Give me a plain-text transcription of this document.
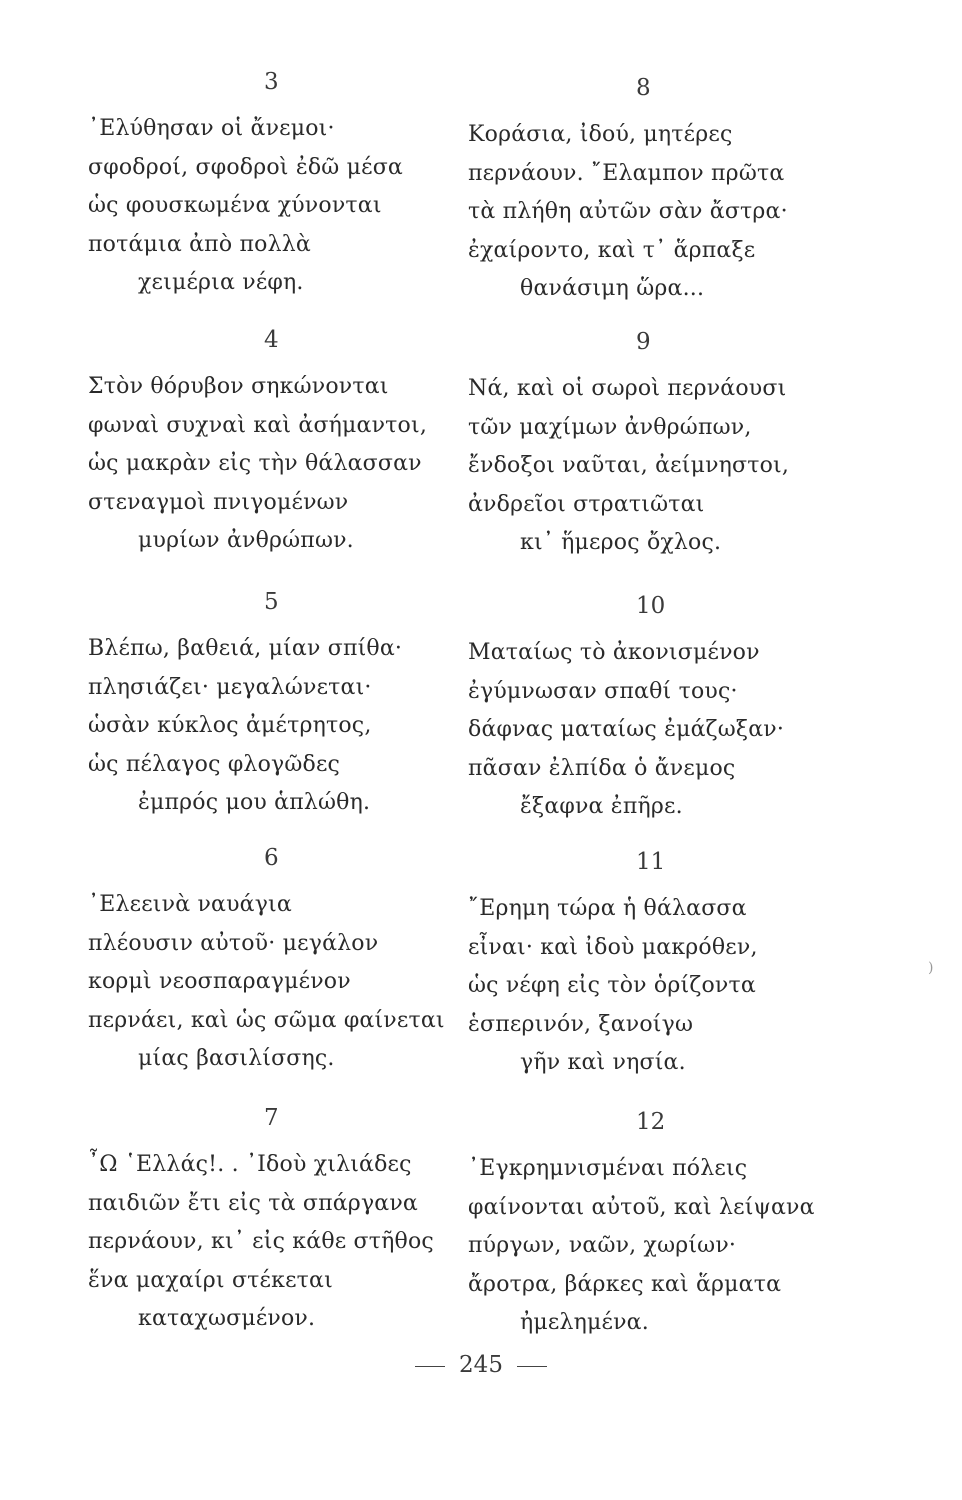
3
᾿Ελύθησαν οἱ ἄνεμοι·
σφοδροί, σφοδροὶ ἐδῶ μέσα
ὡς φουσκωμένα χύνονται
ποτάμια ἀπὸ πολλὰ
χειμέρια νέφη.
4
Στὸν θόρυβον σηκώνονται
φωναὶ συχναὶ καὶ ἀσήμαντοι,
ὡς μακρὰν εἰς τὴν θάλασσαν
στεναγμοὶ πνιγομένων
μυρίων ἀνθρώπων.
5
Βλέπω, βαθειά, μίαν σπίθα·
πλησιάζει· μεγαλώνεται·
ὡσὰν κύκλος ἀμέτρητος,
ὡς πέλαγος φλογῶδες
ἐμπρός μου ἁπλώθη.
6
᾿Ελεεινὰ ναυάγια
πλέουσιν αὐτοῦ· μεγάλον
κορμὶ νεοσπαραγμένον
περνάει, καὶ ὡς σῶμα φαίνεται
μίας βασιλίσσης.
7
῏Ω ῾Ελλάς!. . ᾿Ιδοὺ χιλιάδες
παιδιῶν ἔτι εἰς τὰ σπάργανα
περνάουν, κι᾿ εἰς κάθε στῆθος
ἕνα μαχαίρι στέκεται
καταχωσμένον.
8
Κοράσια, ἰδού, μητέρες
περνάουν. ῎Ελαμπον πρῶτα
τὰ πλήθη αὐτῶν σὰν ἄστρα·
ἐχαίροντο, καὶ τ᾿ ἅρπαξε
θανάσιμη ὥρα...
9
Νά, καὶ οἱ σωροὶ περνάουσι
τῶν μαχίμων ἀνθρώπων,
ἔνδοξοι ναῦται, ἀείμνηστοι,
ἀνδρεῖοι στρατιῶται
κι᾿ ἥμερος ὄχλος.
10
Ματαίως τὸ ἀκονισμένον
ἐγύμνωσαν σπαθί τους·
δάφνας ματαίως ἐμάζωξαν·
πᾶσαν ἐλπίδα ὁ ἄνεμος
ἔξαφνα ἐπῆρε.
11
῎Ερημη τώρα ἡ θάλασσα
εἶναι· καὶ ἰδοὺ μακρόθεν,
ὡς νέφη εἰς τὸν ὁρίζοντα
ἑσπερινόν, ξανοίγω
γῆν καὶ νησία.
12
᾿Εγκρημνισμέναι πόλεις
φαίνονται αὐτοῦ, καὶ λείψανα
πύργων, ναῶν, χωρίων·
ἄροτρα, βάρκες καὶ ἅρματα
ἠμελημένα.
245
)
